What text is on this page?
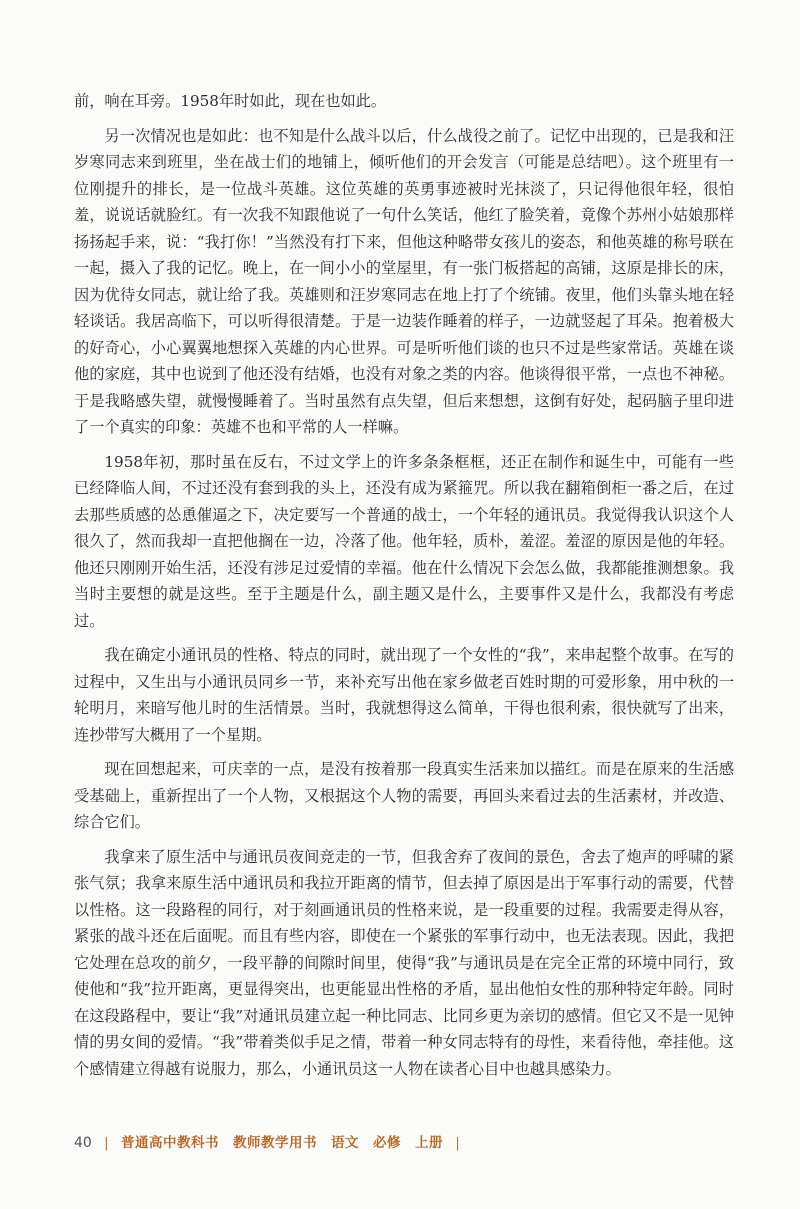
前，响在耳旁。1958年时如此，现在也如此。

另一次情况也是如此：也不知是什么战斗以后，什么战役之前了。记忆中出现的，已是我和汪岁寒同志来到班里，坐在战士们的地铺上，倾听他们的开会发言（可能是总结吧）。这个班里有一位刚提升的排长，是一位战斗英雄。这位英雄的英勇事迹被时光抹淡了，只记得他很年轻，很怕羞，说说话就脸红。有一次我不知跟他说了一句什么笑话，他红了脸笑着，竟像个苏州小姑娘那样扬扬起手来，说：“我打你！”当然没有打下来，但他这种略带女孩儿的姿态，和他英雄的称号联在一起，摄入了我的记忆。晚上，在一间小小的堂屋里，有一张门板搭起的高铺，这原是排长的床，因为优待女同志，就让给了我。英雄则和汪岁寒同志在地上打了个统铺。夜里，他们头靠头地在轻轻谈话。我居高临下，可以听得很清楚。于是一边装作睡着的样子，一边就竖起了耳朵。抱着极大的好奇心，小心翼翼地想探入英雄的内心世界。可是听听他们谈的也只不过是些家常话。英雄在谈他的家庭，其中也说到了他还没有结婚，也没有对象之类的内容。他谈得很平常，一点也不神秘。于是我略感失望，就慢慢睡着了。当时虽然有点失望，但后来想想，这倒有好处，起码脑子里印进了一个真实的印象：英雄不也和平常的人一样嘛。

1958年初，那时虽在反右，不过文学上的许多条条框框，还正在制作和诞生中，可能有一些已经降临人间，不过还没有套到我的头上，还没有成为紧箍咒。所以我在翻箱倒柜一番之后，在过去那些质感的怂恿催逼之下，决定要写一个普通的战士，一个年轻的通讯员。我觉得我认识这个人很久了，然而我却一直把他搁在一边，冷落了他。他年轻，质朴，羞涩。羞涩的原因是他的年轻。他还只刚刚开始生活，还没有涉足过爱情的幸福。他在什么情况下会怎么做，我都能推测想象。我当时主要想的就是这些。至于主题是什么，副主题又是什么，主要事件又是什么，我都没有考虑过。

我在确定小通讯员的性格、特点的同时，就出现了一个女性的“我”，来串起整个故事。在写的过程中，又生出与小通讯员同乡一节，来补充写出他在家乡做老百姓时期的可爱形象，用中秋的一轮明月，来暗写他儿时的生活情景。当时，我就想得这么简单，干得也很利索，很快就写了出来，连抄带写大概用了一个星期。

现在回想起来，可庆幸的一点，是没有按着那一段真实生活来加以描红。而是在原来的生活感受基础上，重新捏出了一个人物，又根据这个人物的需要，再回头来看过去的生活素材，并改造、综合它们。

我拿来了原生活中与通讯员夜间竞走的一节，但我舍弃了夜间的景色，舍去了炮声的呼啸的紧张气氛；我拿来原生活中通讯员和我拉开距离的情节，但去掉了原因是出于军事行动的需要，代替以性格。这一段路程的同行，对于刻画通讯员的性格来说，是一段重要的过程。我需要走得从容，紧张的战斗还在后面呢。而且有些内容，即使在一个紧张的军事行动中，也无法表现。因此，我把它处理在总攻的前夕，一段平静的间隙时间里，使得“我”与通讯员是在完全正常的环境中同行，致使他和“我”拉开距离，更显得突出，也更能显出性格的矛盾，显出他怕女性的那种特定年龄。同时在这段路程中，要让“我”对通讯员建立起一种比同志、比同乡更为亲切的感情。但它又不是一见钟情的男女间的爱情。“我”带着类似手足之情，带着一种女同志特有的母性，来看待他，牵挂他。这个感情建立得越有说服力，那么，小通讯员这一人物在读者心目中也越具感染力。

40 | 普通高中教科书　教师教学用书　语文　必修　上册 |
